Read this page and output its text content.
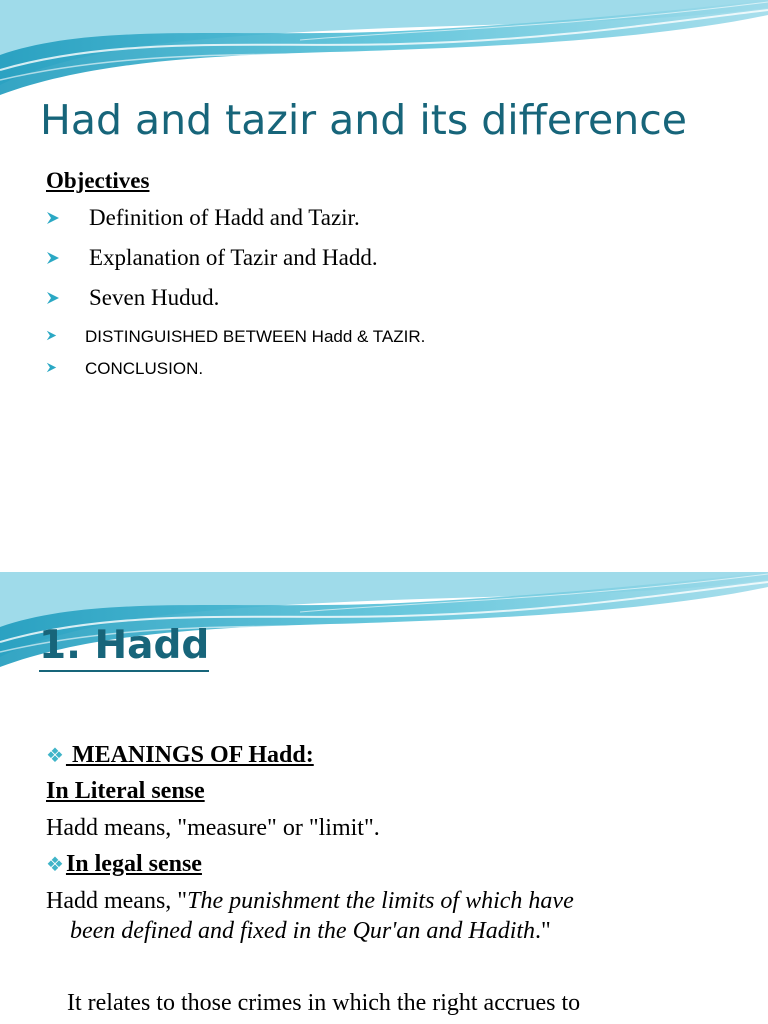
Had and tazir and its difference

Objectives

Definition of Hadd and Tazir.
Explanation of Tazir and Hadd.
Seven Hudud.
DISTINGUISHED BETWEEN Hadd & TAZIR.
CONCLUSION.
1. Hadd

❖ MEANINGS OF Hadd:

In Literal sense

Hadd means, "measure" or "limit".

❖In legal sense

Hadd means, "The punishment the limits of which have

been defined and fixed in the Qur'an and Hadith."

It relates to those crimes in which the right accrues to
